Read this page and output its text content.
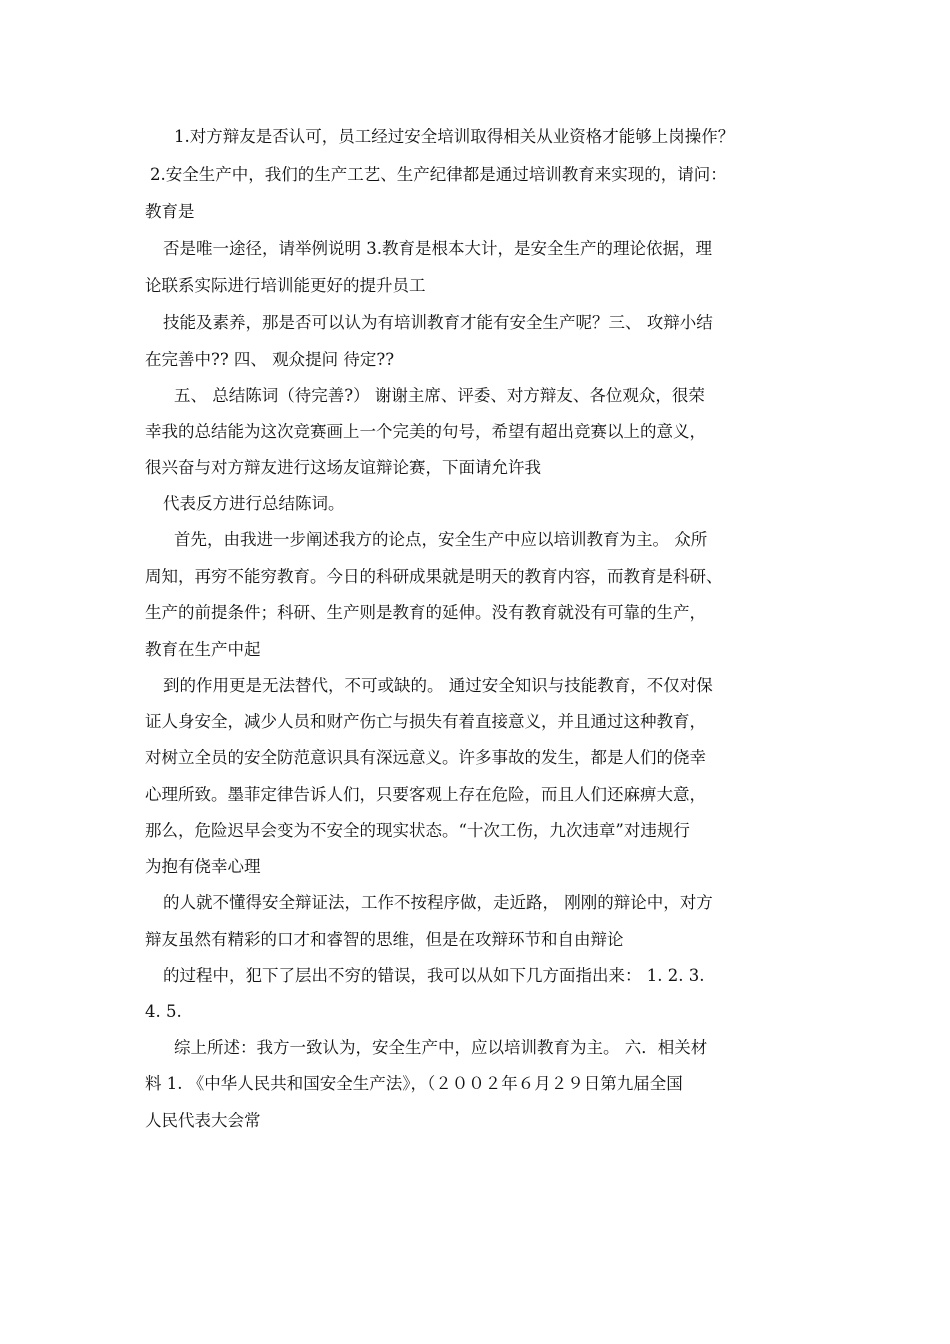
1.对方辩友是否认可，员工经过安全培训取得相关从业资格才能够上岗操作？
2.安全生产中，我们的生产工艺、生产纪律都是通过培训教育来实现的，请问：
教育是
否是唯一途径，请举例说明 3.教育是根本大计，是安全生产的理论依据，理
论联系实际进行培训能更好的提升员工
技能及素养，那是否可以认为有培训教育才能有安全生产呢？三、 攻辩小结
在完善中?? 四、 观众提问 待定??
五、 总结陈词（待完善?） 谢谢主席、评委、对方辩友、各位观众，很荣
幸我的总结能为这次竞赛画上一个完美的句号，希望有超出竞赛以上的意义，
很兴奋与对方辩友进行这场友谊辩论赛，下面请允许我
代表反方进行总结陈词。
首先，由我进一步阐述我方的论点，安全生产中应以培训教育为主。 众所
周知，再穷不能穷教育。今日的科研成果就是明天的教育内容，而教育是科研、
生产的前提条件；科研、生产则是教育的延伸。没有教育就没有可靠的生产，
教育在生产中起
到的作用更是无法替代，不可或缺的。 通过安全知识与技能教育，不仅对保
证人身安全，减少人员和财产伤亡与损失有着直接意义，并且通过这种教育，
对树立全员的安全防范意识具有深远意义。许多事故的发生，都是人们的侥幸
心理所致。墨菲定律告诉人们，只要客观上存在危险，而且人们还麻痹大意，
那么，危险迟早会变为不安全的现实状态。“十次工伤，九次违章”对违规行
为抱有侥幸心理
的人就不懂得安全辩证法，工作不按程序做，走近路， 刚刚的辩论中，对方
辩友虽然有精彩的口才和睿智的思维，但是在攻辩环节和自由辩论
的过程中，犯下了层出不穷的错误，我可以从如下几方面指出来： 1. 2. 3.
4. 5.
综上所述：我方一致认为，安全生产中，应以培训教育为主。 六．相关材
料 1. 《中华人民共和国安全生产法》，（２００２年６月２９日第九届全国
人民代表大会常
